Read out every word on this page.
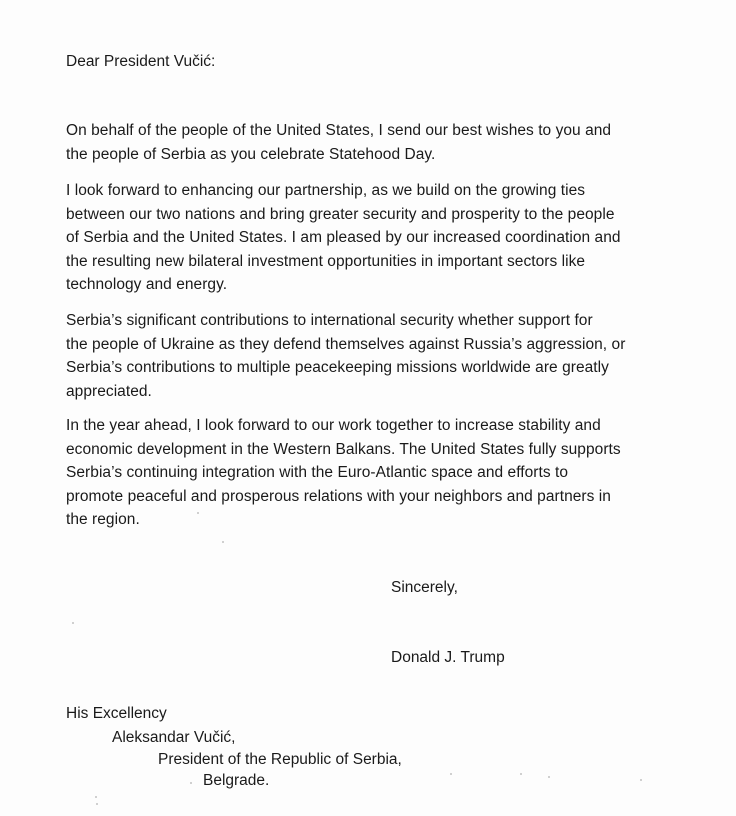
Dear President Vučić:

On behalf of the people of the United States, I send our best wishes to you and
the people of Serbia as you celebrate Statehood Day.

I look forward to enhancing our partnership, as we build on the growing ties
between our two nations and bring greater security and prosperity to the people
of Serbia and the United States. I am pleased by our increased coordination and
the resulting new bilateral investment opportunities in important sectors like
technology and energy.

Serbia’s significant contributions to international security whether support for
the people of Ukraine as they defend themselves against Russia’s aggression, or
Serbia’s contributions to multiple peacekeeping missions worldwide are greatly
appreciated.

In the year ahead, I look forward to our work together to increase stability and
economic development in the Western Balkans. The United States fully supports
Serbia’s continuing integration with the Euro-Atlantic space and efforts to
promote peaceful and prosperous relations with your neighbors and partners in
the region.

Sincerely,

Donald J. Trump

His Excellency

Aleksandar Vučić,

President of the Republic of Serbia,

Belgrade.
